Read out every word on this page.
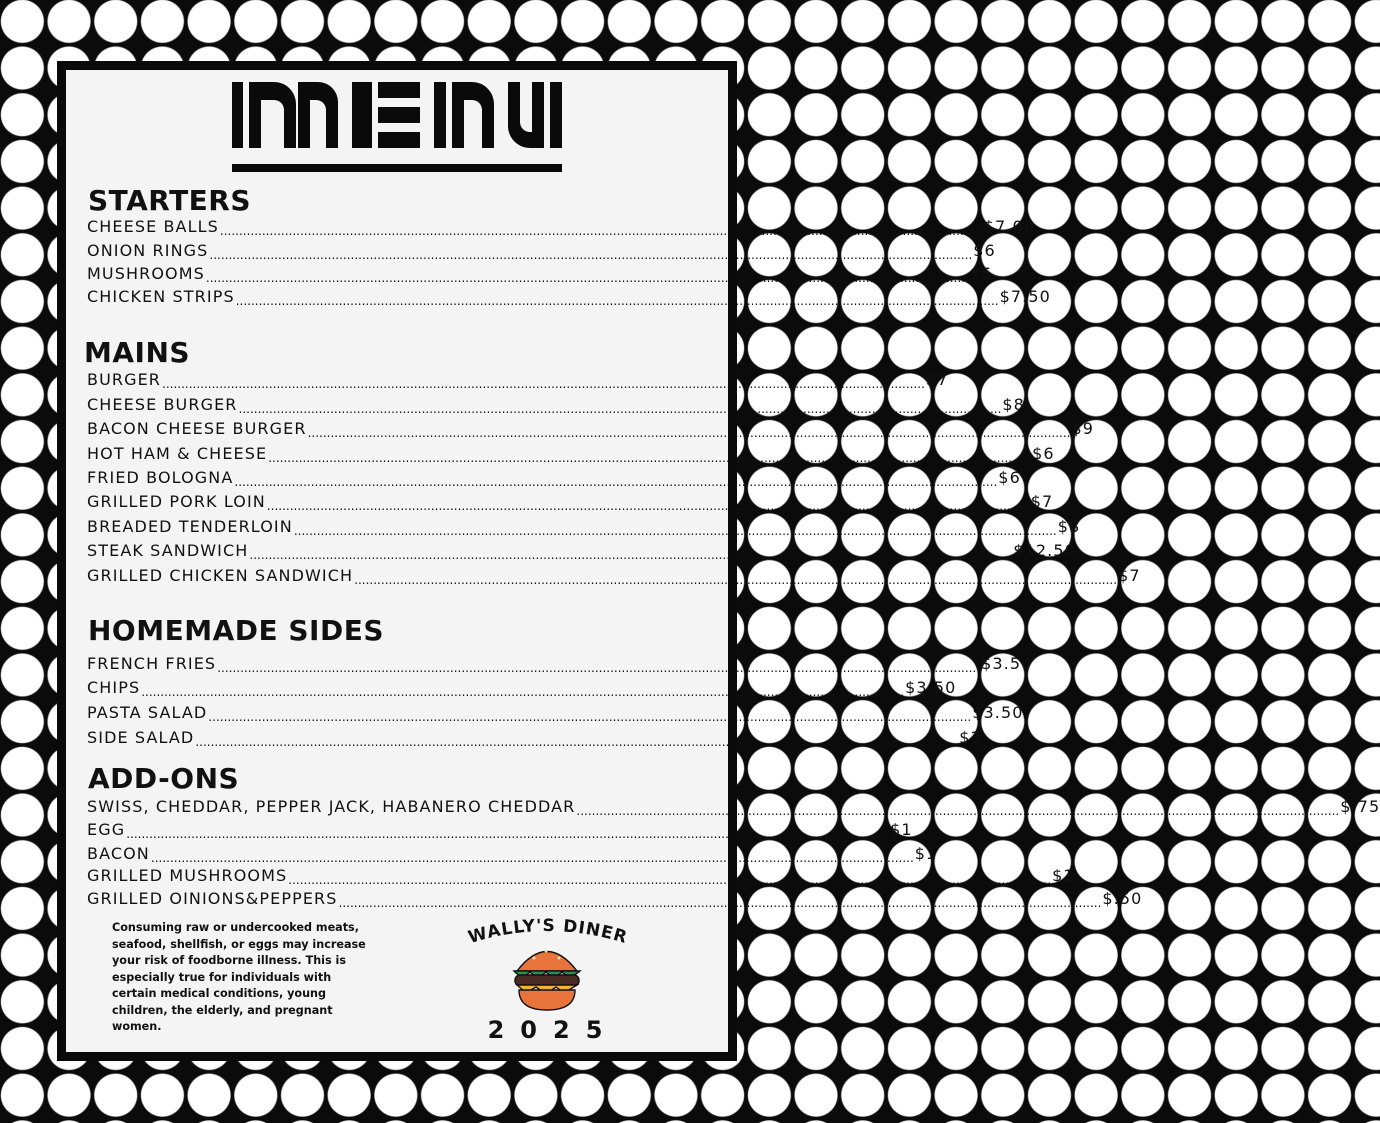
STARTERS
CHEESE BALLS ........................................................................................................................................................................................................ $7.00
ONION RINGS ........................................................................................................................................................................................................ $6
MUSHROOMS ........................................................................................................................................................................................................ $6
CHICKEN STRIPS ........................................................................................................................................................................................................ $7.50
MAINS
BURGER ........................................................................................................................................................................................................ $7
CHEESE BURGER ........................................................................................................................................................................................................ $8
BACON CHEESE BURGER ........................................................................................................................................................................................................ $9
HOT HAM & CHEESE ........................................................................................................................................................................................................ $6
FRIED BOLOGNA ........................................................................................................................................................................................................ $6
GRILLED PORK LOIN ........................................................................................................................................................................................................ $7
BREADED TENDERLOIN ........................................................................................................................................................................................................ $8
STEAK SANDWICH ........................................................................................................................................................................................................ $12.50
GRILLED CHICKEN SANDWICH ........................................................................................................................................................................................................ $7
HOMEMADE SIDES
FRENCH FRIES ........................................................................................................................................................................................................ $3.50
CHIPS ........................................................................................................................................................................................................ $3.50
PASTA SALAD ........................................................................................................................................................................................................ $3.50
SIDE SALAD ........................................................................................................................................................................................................ $3
ADD-ONS
SWISS, CHEDDAR, PEPPER JACK, HABANERO CHEDDAR ........................................................................................................................................................................................................ $.75
EGG ........................................................................................................................................................................................................ $1
BACON ........................................................................................................................................................................................................ $1
GRILLED MUSHROOMS ........................................................................................................................................................................................................ $1
GRILLED OINIONS&PEPPERS ........................................................................................................................................................................................................ $.50
Consuming raw or undercooked meats, seafood, shellfish, or eggs may increase your risk of foodborne illness. This is especially true for individuals with certain medical conditions, young children, the elderly, and pregnant women.
WALLY'S DINER
2025
